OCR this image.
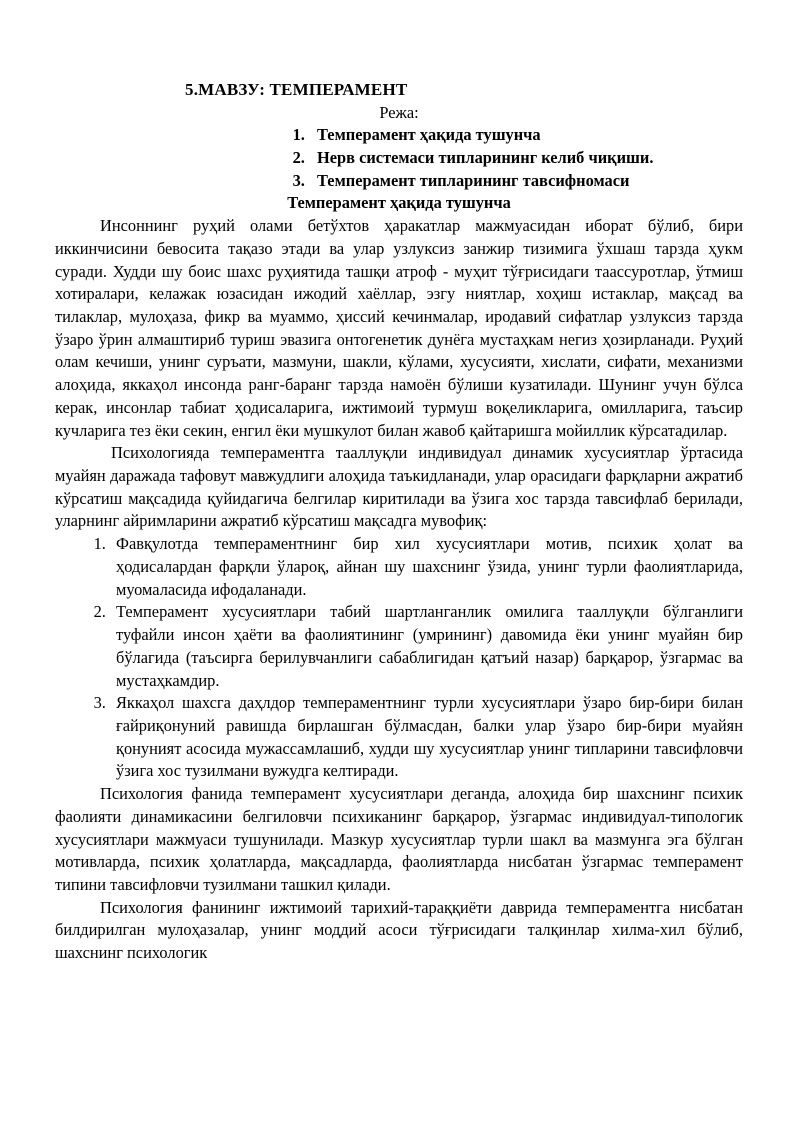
5.МАВЗУ: ТЕМПЕРАМЕНТ
Режа:
1. Темперамент ҳақида тушунча
2. Нерв системаси типларининг келиб чиқиши.
3. Темперамент типларининг тавсифномаси
Темперамент ҳақида тушунча

Инсоннинг руҳий олами бетўхтов ҳаракатлар мажмуасидан иборат бўлиб, бири иккинчисини бевосита тақазо этади ва улар узлуксиз занжир тизимига ўхшаш тарзда ҳукм суради. Худди шу боис шахс руҳиятида ташқи атроф - муҳит тўғрисидаги таассуротлар, ўтмиш хотиралари, келажак юзасидан ижодий хаёллар, эзгу ниятлар, хоҳиш истаклар, мақсад ва тилаклар, мулоҳаза, фикр ва муаммо, ҳиссий кечинмалар, иродавий сифатлар узлуксиз тарзда ўзаро ўрин алмаштириб туриш эвазига онтогенетик дунёга мустаҳкам негиз ҳозирланади. Руҳий олам кечиши, унинг суръати, мазмуни, шакли, кўлами, хусусияти, хислати, сифати, механизми алоҳида, яккаҳол инсонда ранг-баранг тарзда намоён бўлиши кузатилади. Шунинг учун бўлса керак, инсонлар табиат ҳодисаларига, ижтимоий турмуш воқеликларига, омилларига, таъсир кучларига тез ёки секин, енгил ёки мушкулот билан жавоб қайтаришга мойиллик кўрсатадилар.

Психологияда темпераментга тааллуқли индивидуал динамик хусусиятлар ўртасида муайян даражада тафовут мавжудлиги алоҳида таъкидланади, улар орасидаги фарқларни ажратиб кўрсатиш мақсадида қуйидагича белгилар киритилади ва ўзига хос тарзда тавсифлаб берилади, уларнинг айримларини ажратиб кўрсатиш мақсадга мувофиқ:

1. Фавқулотда темпераментнинг бир хил хусусиятлари мотив, психик ҳолат ва ҳодисалардан фарқли ўлароқ, айнан шу шахснинг ўзида, унинг турли фаолиятларида, муомаласида ифодаланади.
2. Темперамент хусусиятлари табий шартланганлик омилига тааллуқли бўлганлиги туфайли инсон ҳаёти ва фаолиятининг (умрининг) давомида ёки унинг муайян бир бўлагида (таъсирга берилувчанлиги сабаблигидан қатъий назар) барқарор, ўзгармас ва мустаҳкамдир.
3. Яккаҳол шахсга даҳлдор темпераментнинг турли хусусиятлари ўзаро бир-бири билан ғайриқонуний равишда бирлашган бўлмасдан, балки улар ўзаро бир-бири муайян қонуният асосида мужассамлашиб, худди шу хусусиятлар унинг типларини тавсифловчи ўзига хос тузилмани вужудга келтиради.

Психология фанида темперамент хусусиятлари деганда, алоҳида бир шахснинг психик фаолияти динамикасини белгиловчи психиканинг барқарор, ўзгармас индивидуал-типологик хусусиятлари мажмуаси тушунилади. Мазкур хусусиятлар турли шакл ва мазмунга эга бўлган мотивларда, психик ҳолатларда, мақсадларда, фаолиятларда нисбатан ўзгармас темперамент типини тавсифловчи тузилмани ташкил қилади.

Психология фанининг ижтимоий тарихий-тараққиёти даврида темпераментга нисбатан билдирилган мулоҳазалар, унинг моддий асоси тўғрисидаги талқинлар хилма-хил бўлиб, шахснинг психологик
